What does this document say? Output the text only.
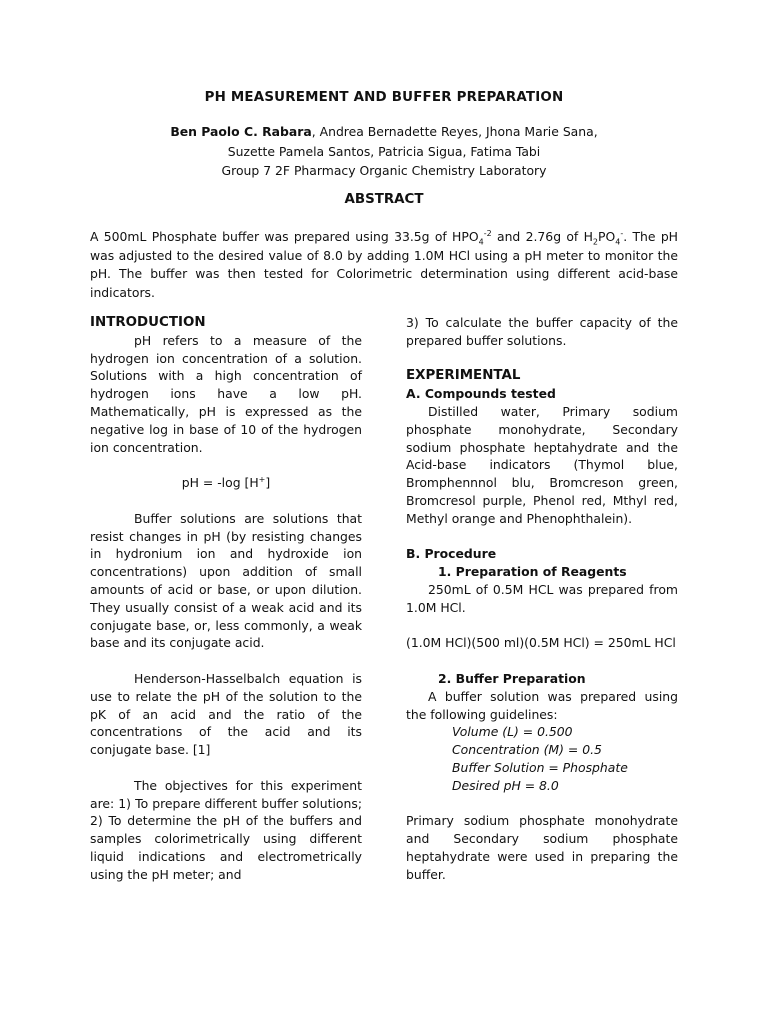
PH MEASUREMENT AND BUFFER PREPARATION
Ben Paolo C. Rabara, Andrea Bernadette Reyes, Jhona Marie Sana,
Suzette Pamela Santos, Patricia Sigua, Fatima Tabi
Group 7 2F Pharmacy Organic Chemistry Laboratory
ABSTRACT
A 500mL Phosphate buffer was prepared using 33.5g of $HPO_4^{-2}$ and 2.76g of $H_2PO_4^-$. The pH was adjusted to the desired value of 8.0 by adding 1.0M HCl using a pH meter to monitor the pH. The buffer was then tested for Colorimetric determination using different acid-base indicators.

INTRODUCTION

pH refers to a measure of the hydrogen ion concentration of a solution. Solutions with a high concentration of hydrogen ions have a low pH. Mathematically, pH is expressed as the negative log in base of 10 of the hydrogen ion concentration.

pH = -log [H+]

Buffer solutions are solutions that resist changes in pH (by resisting changes in hydronium ion and hydroxide ion concentrations) upon addition of small amounts of acid or base, or upon dilution. They usually consist of a weak acid and its conjugate base, or, less commonly, a weak base and its conjugate acid.

Henderson-Hasselbalch equation is use to relate the pH of the solution to the pK of an acid and the ratio of the concentrations of the acid and its conjugate base. [1]

The objectives for this experiment are: 1) To prepare different buffer solutions; 2) To determine the pH of the buffers and samples colorimetrically using different liquid indications and electrometrically using the pH meter; and

3) To calculate the buffer capacity of the prepared buffer solutions.

EXPERIMENTAL

A. Compounds tested

Distilled water, Primary sodium phosphate monohydrate, Secondary sodium phosphate heptahydrate and the Acid-base indicators (Thymol blue, Bromphennnol blu, Bromcreson green, Bromcresol purple, Phenol red, Mthyl red, Methyl orange and Phenophthalein).

B. Procedure

1. Preparation of Reagents

250mL of 0.5M HCL was prepared from 1.0M HCl.

(1.0M HCl)(500 ml)(0.5M HCl) = 250mL HCl

2. Buffer Preparation

A buffer solution was prepared using the following guidelines:

Volume (L) = 0.500

Concentration (M) = 0.5

Buffer Solution = Phosphate

Desired pH = 8.0

Primary sodium phosphate monohydrate and Secondary sodium phosphate heptahydrate were used in preparing the buffer.
